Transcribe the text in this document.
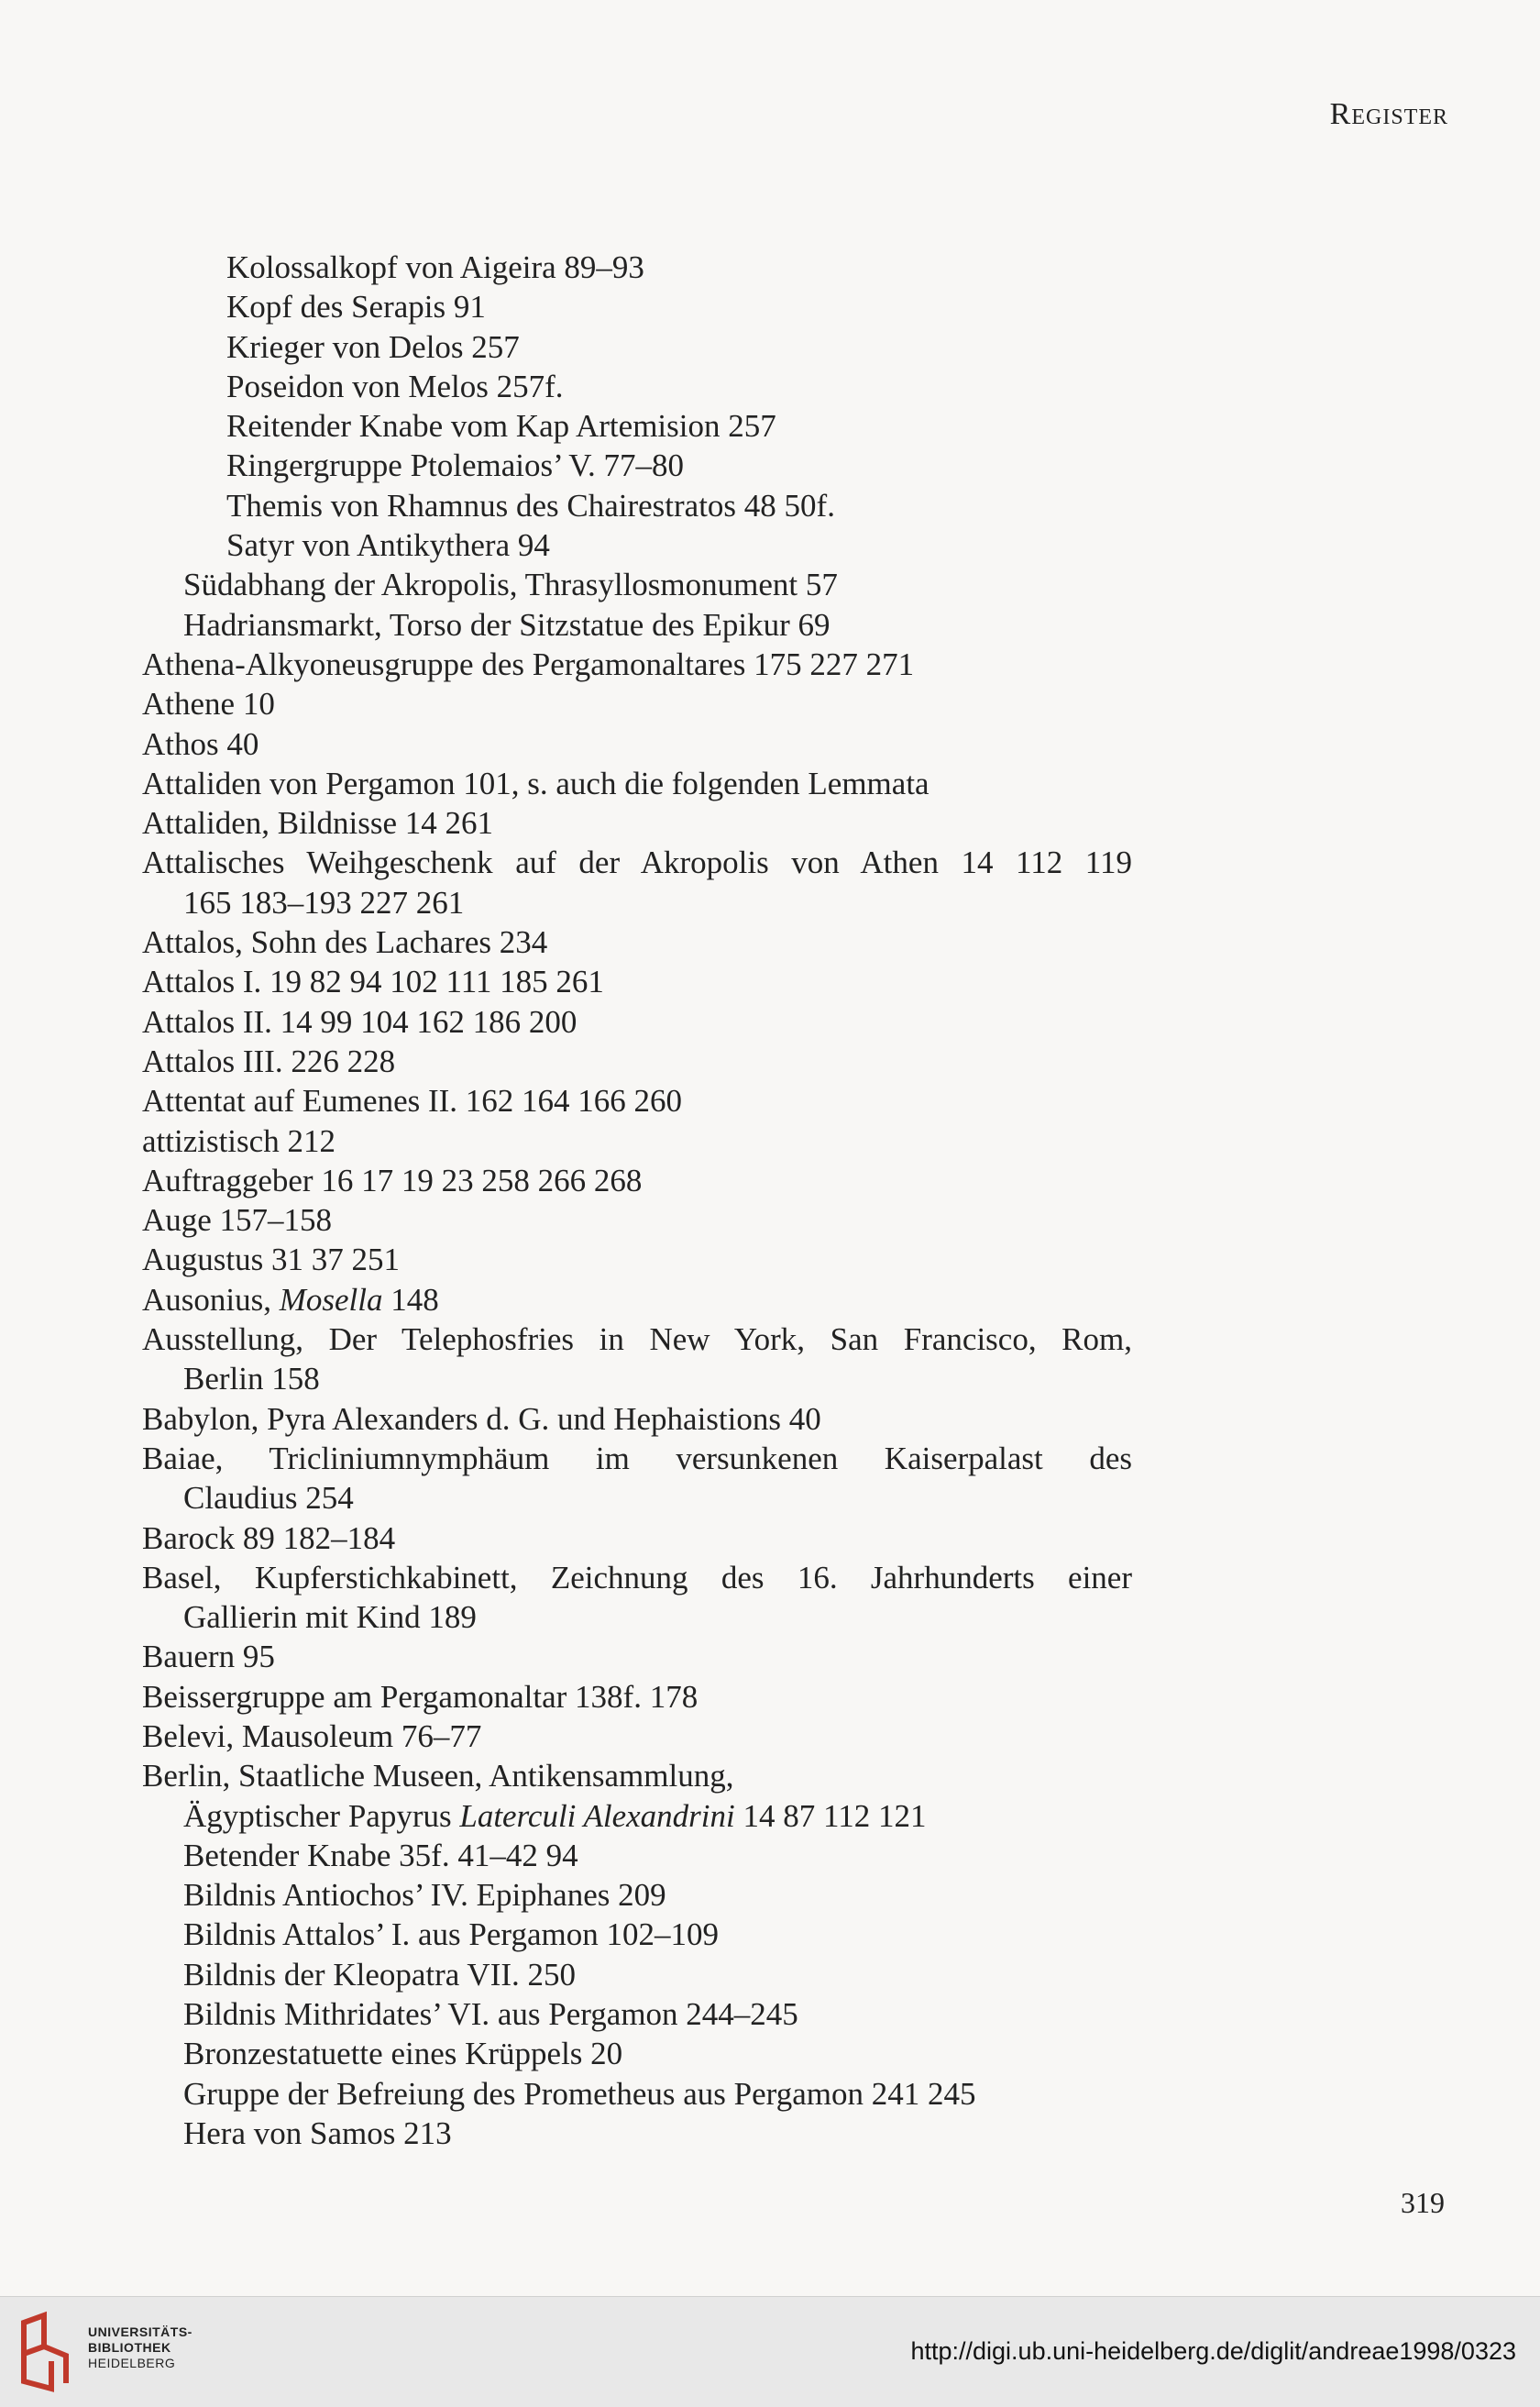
Register
Kolossalkopf von Aigeira 89–93
Kopf des Serapis 91
Krieger von Delos 257
Poseidon von Melos 257f.
Reitender Knabe vom Kap Artemision 257
Ringergruppe Ptolemaios’ V. 77–80
Themis von Rhamnus des Chairestratos 48 50f.
Satyr von Antikythera 94
Südabhang der Akropolis, Thrasyllosmonument 57
Hadriansmarkt, Torso der Sitzstatue des Epikur 69
Athena-Alkyoneusgruppe des Pergamonaltares 175 227 271
Athene 10
Athos 40
Attaliden von Pergamon 101, s. auch die folgenden Lemmata
Attaliden, Bildnisse 14 261
Attalisches Weihgeschenk auf der Akropolis von Athen 14 112 119
165 183–193 227 261
Attalos, Sohn des Lachares 234
Attalos I. 19 82 94 102 111 185 261
Attalos II. 14 99 104 162 186 200
Attalos III. 226 228
Attentat auf Eumenes II. 162 164 166 260
attizistisch 212
Auftraggeber 16 17 19 23 258 266 268
Auge 157–158
Augustus 31 37 251
Ausonius, Mosella 148
Ausstellung, Der Telephosfries in New York, San Francisco, Rom,
Berlin 158
Babylon, Pyra Alexanders d. G. und Hephaistions 40
Baiae, Tricliniumnymphäum im versunkenen Kaiserpalast des
Claudius 254
Barock 89 182–184
Basel, Kupferstichkabinett, Zeichnung des 16. Jahrhunderts einer
Gallierin mit Kind 189
Bauern 95
Beissergruppe am Pergamonaltar 138f. 178
Belevi, Mausoleum 76–77
Berlin, Staatliche Museen, Antikensammlung,
Ägyptischer Papyrus Laterculi Alexandrini 14 87 112 121
Betender Knabe 35f. 41–42 94
Bildnis Antiochos’ IV. Epiphanes 209
Bildnis Attalos’ I. aus Pergamon 102–109
Bildnis der Kleopatra VII. 250
Bildnis Mithridates’ VI. aus Pergamon 244–245
Bronzestatuette eines Krüppels 20
Gruppe der Befreiung des Prometheus aus Pergamon 241 245
Hera von Samos 213
319
UNIVERSITÄTS-
BIBLIOTHEK
HEIDELBERG	http://digi.ub.uni-heidelberg.de/diglit/andreae1998/0323
